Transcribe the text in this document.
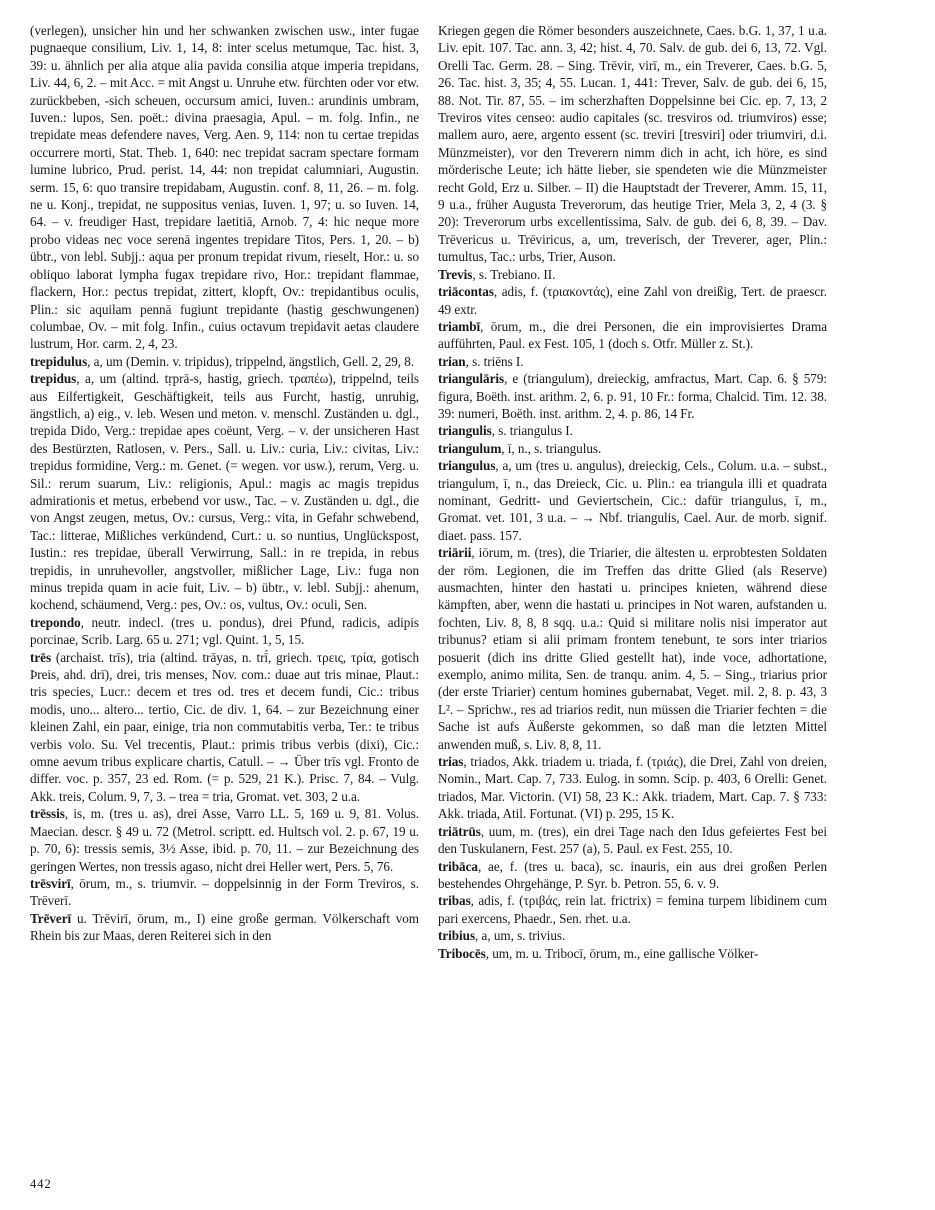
(verlegen), unsicher hin und her schwanken zwischen usw., inter fugae pugnaeque consilium, Liv. 1, 14, 8: inter scelus metumque, Tac. hist. 3, 39: u. ähnlich per alia atque alia pavida consilia atque imperia trepidans, Liv. 44, 6, 2. – mit Acc. = mit Angst u. Unruhe etw. fürchten oder vor etw. zurückbeben, -sich scheuen, occursum amici, Iuven.: arundinis umbram, Iuven.: lupos, Sen. poët.: divina praesagia, Apul. – m. folg. Infin., ne trepidate meas defendere naves, Verg. Aen. 9, 114: non tu certae trepidas occurrere morti, Stat. Theb. 1, 640: nec trepidat sacram spectare formam lumine lubrico, Prud. perist. 14, 44: non trepidat calumniari, Augustin. serm. 15, 6: quo transire trepidabam, Augustin. conf. 8, 11, 26. – m. folg. ne u. Konj., trepidat, ne suppositus venias, Iuven. 1, 97; u. so Iuven. 14, 64. – v. freudiger Hast, trepidare laetitiā, Arnob. 7, 4: hic neque more probo videas nec voce serenā ingentes trepidare Titos, Pers. 1, 20. – b) übtr., von lebl. Subjj.: aqua per pronum trepidat rivum, rieselt, Hor.: u. so obliquo laborat lympha fugax trepidare rivo, Hor.: trepidant flammae, flackern, Hor.: pectus trepidat, zittert, klopft, Ov.: trepidantibus oculis, Plin.: sic aquilam pennā fugiunt trepidante (hastig geschwungenen) columbae, Ov. – mit folg. Infin., cuius octavum trepidavit aetas claudere lustrum, Hor. carm. 2, 4, 23.

trepidulus, a, um (Demin. v. tripidus), trippelnd, ängstlich, Gell. 2, 29, 8.

trepidus, a, um (altind. tṛprā-s, hastig, griech. τραπέω), trippelnd, teils aus Eilfertigkeit, Geschäftigkeit, teils aus Furcht, hastig, unruhig, ängstlich, a) eig., v. leb. Wesen und meton. v. menschl. Zuständen u. dgl., trepida Dido, Verg.: trepidae apes coëunt, Verg. – v. der unsicheren Hast des Bestürzten, Ratlosen, v. Pers., Sall. u. Liv.: curia, Liv.: civitas, Liv.: trepidus formidine, Verg.: m. Genet. (= wegen. vor usw.), rerum, Verg. u. Sil.: rerum suarum, Liv.: religionis, Apul.: magis ac magis trepidus admirationis et metus, erbebend vor usw., Tac. – v. Zuständen u. dgl., die von Angst zeugen, metus, Ov.: cursus, Verg.: vita, in Gefahr schwebend, Tac.: litterae, Mißliches verkündend, Curt.: u. so nuntius, Unglückspost, Iustin.: res trepidae, überall Verwirrung, Sall.: in re trepida, in rebus trepidis, in unruhevoller, angstvoller, mißlicher Lage, Liv.: fuga non minus trepida quam in acie fuit, Liv. – b) übtr., v. lebl. Subjj.: ahenum, kochend, schäumend, Verg.: pes, Ov.: os, vultus, Ov.: oculi, Sen.

trepondo, neutr. indecl. (tres u. pondus), drei Pfund, radicis, adipis porcinae, Scrib. Larg. 65 u. 271; vgl. Quint. 1, 5, 15.

trēs (archaist. trīs), tria (altind. trāyas, n. trī́, griech. τρεις, τρία, gotisch Þreis, ahd. drī), drei, tris menses, Nov. com.: duae aut tris minae, Plaut.: tris species, Lucr.: decem et tres od. tres et decem fundi, Cic.: tribus modis, uno... altero... tertio, Cic. de div. 1, 64. – zur Bezeichnung einer kleinen Zahl, ein paar, einige, tria non commutabitis verba, Ter.: te tribus verbis volo. Su. Vel trecentis, Plaut.: primis tribus verbis (dixi), Cic.: omne aevum tribus explicare chartis, Catull. – → Über trīs vgl. Fronto de differ. voc. p. 357, 23 ed. Rom. (= p. 529, 21 K.). Prisc. 7, 84. – Vulg. Akk. treis, Colum. 9, 7, 3. – trea = tria, Gromat. vet. 303, 2 u.a.

trēssis, is, m. (tres u. as), drei Asse, Varro LL. 5, 169 u. 9, 81. Volus. Maecian. descr. § 49 u. 72 (Metrol. scriptt. ed. Hultsch vol. 2. p. 67, 19 u. p. 70, 6): tressis semis, 3½ Asse, ibid. p. 70, 11. – zur Bezeichnung des geringen Wertes, non tressis agaso, nicht drei Heller wert, Pers. 5, 76.

trēsvirī, ōrum, m., s. triumvir. – doppelsinnig in der Form Treviros, s. Trēverī.

Trēverī u. Trēvirī, ōrum, m., I) eine große german. Völkerschaft vom Rhein bis zur Maas, deren Reiterei sich in den

Kriegen gegen die Römer besonders auszeichnete, Caes. b.G. 1, 37, 1 u.a. Liv. epit. 107. Tac. ann. 3, 42; hist. 4, 70. Salv. de gub. dei 6, 13, 72. Vgl. Orelli Tac. Germ. 28. – Sing. Trēvir, virī, m., ein Treverer, Caes. b.G. 5, 26. Tac. hist. 3, 35; 4, 55. Lucan. 1, 441: Trever, Salv. de gub. dei 6, 15, 88. Not. Tir. 87, 55. – im scherzhaften Doppelsinne bei Cic. ep. 7, 13, 2 Treviros vites censeo: audio capitales (sc. tresviros od. triumviros) esse; mallem auro, aere, argento essent (sc. treviri [tresviri] oder triumviri, d.i. Münzmeister), vor den Treverern nimm dich in acht, ich höre, es sind mörderische Leute; ich hätte lieber, sie spendeten wie die Münzmeister recht Gold, Erz u. Silber. – II) die Hauptstadt der Treverer, Amm. 15, 11, 9 u.a., früher Augusta Treverorum, das heutige Trier, Mela 3, 2, 4 (3. § 20): Treverorum urbs excellentissima, Salv. de gub. dei 6, 8, 39. – Dav. Trēvericus u. Trēviricus, a, um, treverisch, der Treverer, ager, Plin.: tumultus, Tac.: urbs, Trier, Auson.

Trevis, s. Trebiano. II.

triācontas, adis, f. (τριακοντάς), eine Zahl von dreißig, Tert. de praescr. 49 extr.

triambī, ōrum, m., die drei Personen, die ein improvisiertes Drama aufführten, Paul. ex Fest. 105, 1 (doch s. Otfr. Müller z. St.).

trian, s. triēns I.

triangulāris, e (triangulum), dreieckig, amfractus, Mart. Cap. 6. § 579: figura, Boëth. inst. arithm. 2, 6. p. 91, 10 Fr.: forma, Chalcid. Tim. 12. 38. 39: numeri, Boëth. inst. arithm. 2, 4. p. 86, 14 Fr.

triangulis, s. triangulus I.

triangulum, ī, n., s. triangulus.

triangulus, a, um (tres u. angulus), dreieckig, Cels., Colum. u.a. – subst., triangulum, ī, n., das Dreieck, Cic. u. Plin.: ea triangula illi et quadrata nominant, Gedritt- und Geviertschein, Cic.: dafür triangulus, ī, m., Gromat. vet. 101, 3 u.a. – → Nbf. triangulis, Cael. Aur. de morb. signif. diaet. pass. 157.

triārii, iōrum, m. (tres), die Triarier, die ältesten u. erprobtesten Soldaten der röm. Legionen, die im Treffen das dritte Glied (als Reserve) ausmachten, hinter den hastati u. principes knieten, während diese kämpften, aber, wenn die hastati u. principes in Not waren, aufstanden u. fochten, Liv. 8, 8, 8 sqq. u.a.: Quid si militare nolis nisi imperator aut tribunus? etiam si alii primam frontem tenebunt, te sors inter triarios posuerit (dich ins dritte Glied gestellt hat), inde voce, adhortatione, exemplo, animo milita, Sen. de tranqu. anim. 4, 5. – Sing., triarius prior (der erste Triarier) centum homines gubernabat, Veget. mil. 2, 8. p. 43, 3 L². – Sprichw., res ad triarios redit, nun müssen die Triarier fechten = die Sache ist aufs Äußerste gekommen, so daß man die letzten Mittel anwenden muß, s. Liv. 8, 8, 11.

trias, triados, Akk. triadem u. triada, f. (τριάς), die Drei, Zahl von dreien, Nomin., Mart. Cap. 7, 733. Eulog. in somn. Scip. p. 403, 6 Orelli: Genet. triados, Mar. Victorin. (VI) 58, 23 K.: Akk. triadem, Mart. Cap. 7. § 733: Akk. triada, Atil. Fortunat. (VI) p. 295, 15 K.

triātrūs, uum, m. (tres), ein drei Tage nach den Idus gefeiertes Fest bei den Tuskulanern, Fest. 257 (a), 5. Paul. ex Fest. 255, 10.

tribāca, ae, f. (tres u. baca), sc. inauris, ein aus drei großen Perlen bestehendes Ohrgehänge, P. Syr. b. Petron. 55, 6. v. 9.

tribas, adis, f. (τριβάς, rein lat. frictrix) = femina turpem libidinem cum pari exercens, Phaedr., Sen. rhet. u.a.

tribius, a, um, s. trivius.

Tribocēs, um, m. u. Tribocī, ōrum, m., eine gallische Völker-

442
